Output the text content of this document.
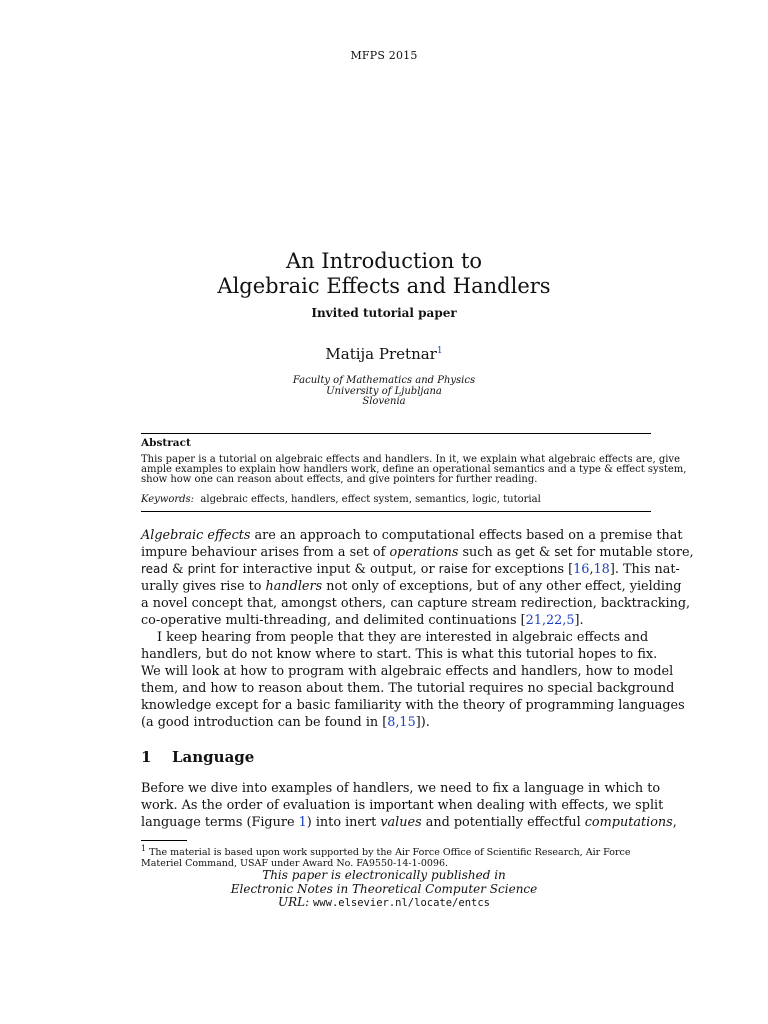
MFPS 2015
An Introduction to
Algebraic Effects and Handlers
Invited tutorial paper
Matija Pretnar$^1$
Faculty of Mathematics and Physics
University of Ljubljana
Slovenia
Abstract
This paper is a tutorial on algebraic effects and handlers. In it, we explain what algebraic effects are, give
ample examples to explain how handlers work, define an operational semantics and a type & effect system,
show how one can reason about effects, and give pointers for further reading.
Keywords: algebraic effects, handlers, effect system, semantics, logic, tutorial
Algebraic effects are an approach to computational effects based on a premise that
impure behaviour arises from a set of operations such as get & set for mutable store,
read & print for interactive input & output, or raise for exceptions [16,18]. This nat-
urally gives rise to handlers not only of exceptions, but of any other effect, yielding
a novel concept that, amongst others, can capture stream redirection, backtracking,
co-operative multi-threading, and delimited continuations [21,22,5].
I keep hearing from people that they are interested in algebraic effects and
handlers, but do not know where to start. This is what this tutorial hopes to fix.
We will look at how to program with algebraic effects and handlers, how to model
them, and how to reason about them. The tutorial requires no special background
knowledge except for a basic familiarity with the theory of programming languages
(a good introduction can be found in [8,15]).
1 Language
Before we dive into examples of handlers, we need to fix a language in which to
work. As the order of evaluation is important when dealing with effects, we split
language terms (Figure 1) into inert values and potentially effectful computations,
$^1$ The material is based upon work supported by the Air Force Office of Scientific Research, Air Force
Materiel Command, USAF under Award No. FA9550-14-1-0096.
This paper is electronically published in
Electronic Notes in Theoretical Computer Science
URL: www.elsevier.nl/locate/entcs
